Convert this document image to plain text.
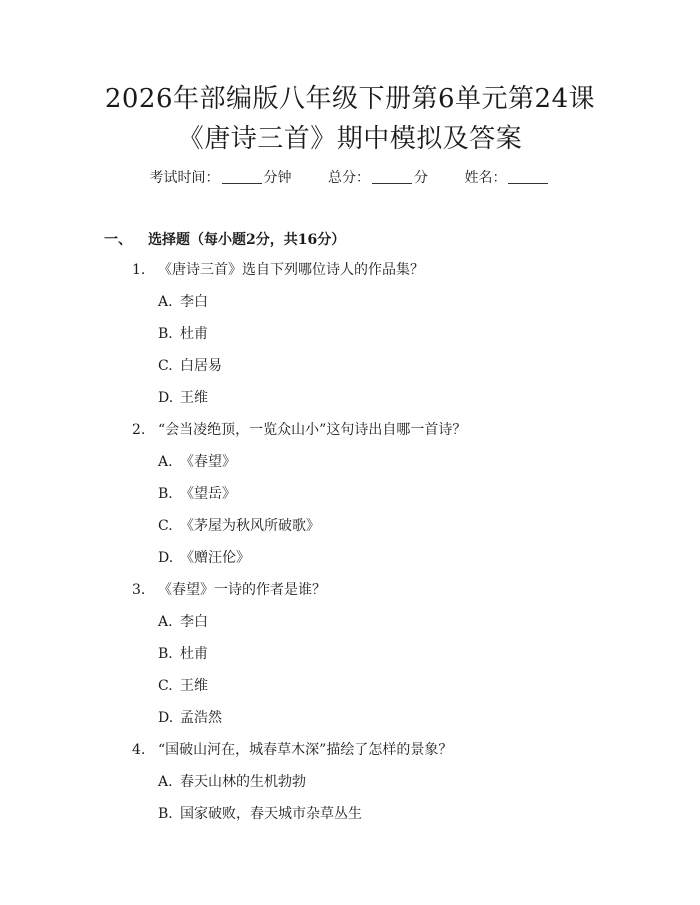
2026年部编版八年级下册第6单元第24课
《唐诗三首》期中模拟及答案
考试时间：	分钟	总分：	分	姓名：
一、 选择题（每小题2分，共16分）
1. 《唐诗三首》选自下列哪位诗人的作品集？
A. 李白
B. 杜甫
C. 白居易
D. 王维
2. “会当凌绝顶，一览众山小”这句诗出自哪一首诗？
A. 《春望》
B. 《望岳》
C. 《茅屋为秋风所破歌》
D. 《赠汪伦》
3. 《春望》一诗的作者是谁？
A. 李白
B. 杜甫
C. 王维
D. 孟浩然
4. “国破山河在，城春草木深”描绘了怎样的景象？
A. 春天山林的生机勃勃
B. 国家破败，春天城市杂草丛生
